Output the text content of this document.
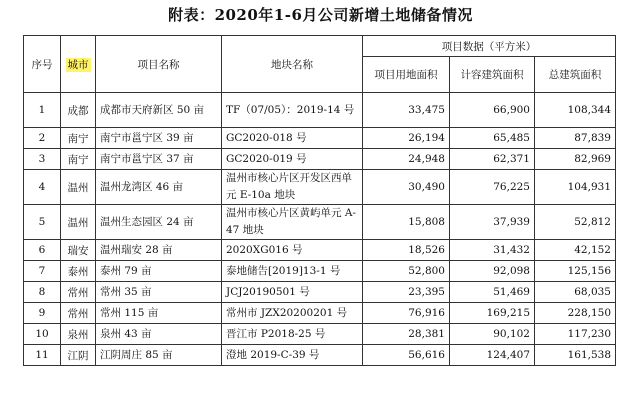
附表：2020年1-6月公司新增土地储备情况
序号	城市	项目名称	地块名称	项目数据（平方米）		
				项目用地面积	计容建筑面积	总建筑面积
1	成都	成都市天府新区 50 亩	TF（07/05）：2019-14 号	33,475	66,900	108,344
2	南宁	南宁市邕宁区 39 亩	GC2020-018 号	26,194	65,485	87,839
3	南宁	南宁市邕宁区 37 亩	GC2020-019 号	24,948	62,371	82,969
4	温州	温州龙湾区 46 亩	温州市核心片区开发区西单元 E-10a 地块	30,490	76,225	104,931
5	温州	温州生态园区 24 亩	温州市核心片区黄屿单元 A-47 地块	15,808	37,939	52,812
6	瑞安	温州瑞安 28 亩	2020XG016 号	18,526	31,432	42,152
7	泰州	泰州 79 亩	泰地储告[2019]13-1 号	52,800	92,098	125,156
8	常州	常州 35 亩	JCJ20190501 号	23,395	51,469	68,035
9	常州	常州 115 亩	常州市 JZX20200201 号	76,916	169,215	228,150
10	泉州	泉州 43 亩	晋江市 P2018-25 号	28,381	90,102	117,230
11	江阴	江阴周庄 85 亩	澄地 2019-C-39 号	56,616	124,407	161,538
